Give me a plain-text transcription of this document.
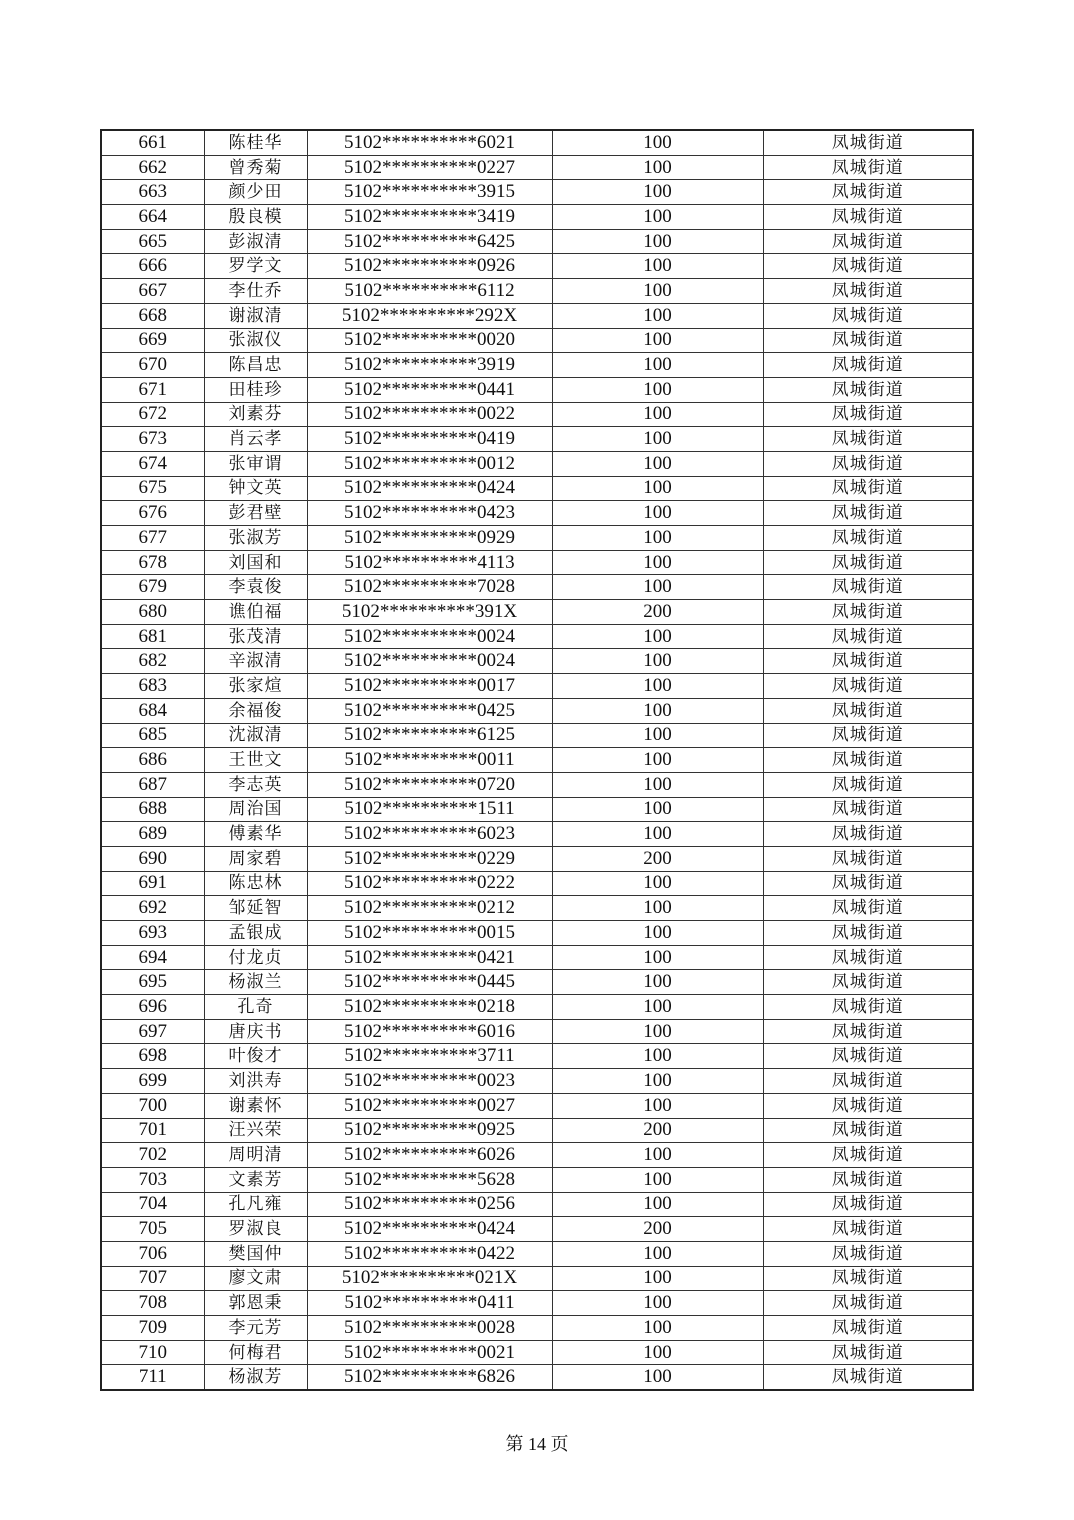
661	陈桂华	5102**********6021	100	凤城街道
662	曾秀菊	5102**********0227	100	凤城街道
663	颜少田	5102**********3915	100	凤城街道
664	殷良模	5102**********3419	100	凤城街道
665	彭淑清	5102**********6425	100	凤城街道
666	罗学文	5102**********0926	100	凤城街道
667	李仕乔	5102**********6112	100	凤城街道
668	谢淑清	5102**********292X	100	凤城街道
669	张淑仪	5102**********0020	100	凤城街道
670	陈昌忠	5102**********3919	100	凤城街道
671	田桂珍	5102**********0441	100	凤城街道
672	刘素芬	5102**********0022	100	凤城街道
673	肖云孝	5102**********0419	100	凤城街道
674	张审谓	5102**********0012	100	凤城街道
675	钟文英	5102**********0424	100	凤城街道
676	彭君壁	5102**********0423	100	凤城街道
677	张淑芳	5102**********0929	100	凤城街道
678	刘国和	5102**********4113	100	凤城街道
679	李袁俊	5102**********7028	100	凤城街道
680	谯伯福	5102**********391X	200	凤城街道
681	张茂清	5102**********0024	100	凤城街道
682	辛淑清	5102**********0024	100	凤城街道
683	张家煊	5102**********0017	100	凤城街道
684	余福俊	5102**********0425	100	凤城街道
685	沈淑清	5102**********6125	100	凤城街道
686	王世文	5102**********0011	100	凤城街道
687	李志英	5102**********0720	100	凤城街道
688	周治国	5102**********1511	100	凤城街道
689	傅素华	5102**********6023	100	凤城街道
690	周家碧	5102**********0229	200	凤城街道
691	陈忠林	5102**********0222	100	凤城街道
692	邹延智	5102**********0212	100	凤城街道
693	孟银成	5102**********0015	100	凤城街道
694	付龙贞	5102**********0421	100	凤城街道
695	杨淑兰	5102**********0445	100	凤城街道
696	孔奇	5102**********0218	100	凤城街道
697	唐庆书	5102**********6016	100	凤城街道
698	叶俊才	5102**********3711	100	凤城街道
699	刘洪寿	5102**********0023	100	凤城街道
700	谢素怀	5102**********0027	100	凤城街道
701	汪兴荣	5102**********0925	200	凤城街道
702	周明清	5102**********6026	100	凤城街道
703	文素芳	5102**********5628	100	凤城街道
704	孔凡雍	5102**********0256	100	凤城街道
705	罗淑良	5102**********0424	200	凤城街道
706	樊国仲	5102**********0422	100	凤城街道
707	廖文肃	5102**********021X	100	凤城街道
708	郭恩秉	5102**********0411	100	凤城街道
709	李元芳	5102**********0028	100	凤城街道
710	何梅君	5102**********0021	100	凤城街道
711	杨淑芳	5102**********6826	100	凤城街道
第 14 页
